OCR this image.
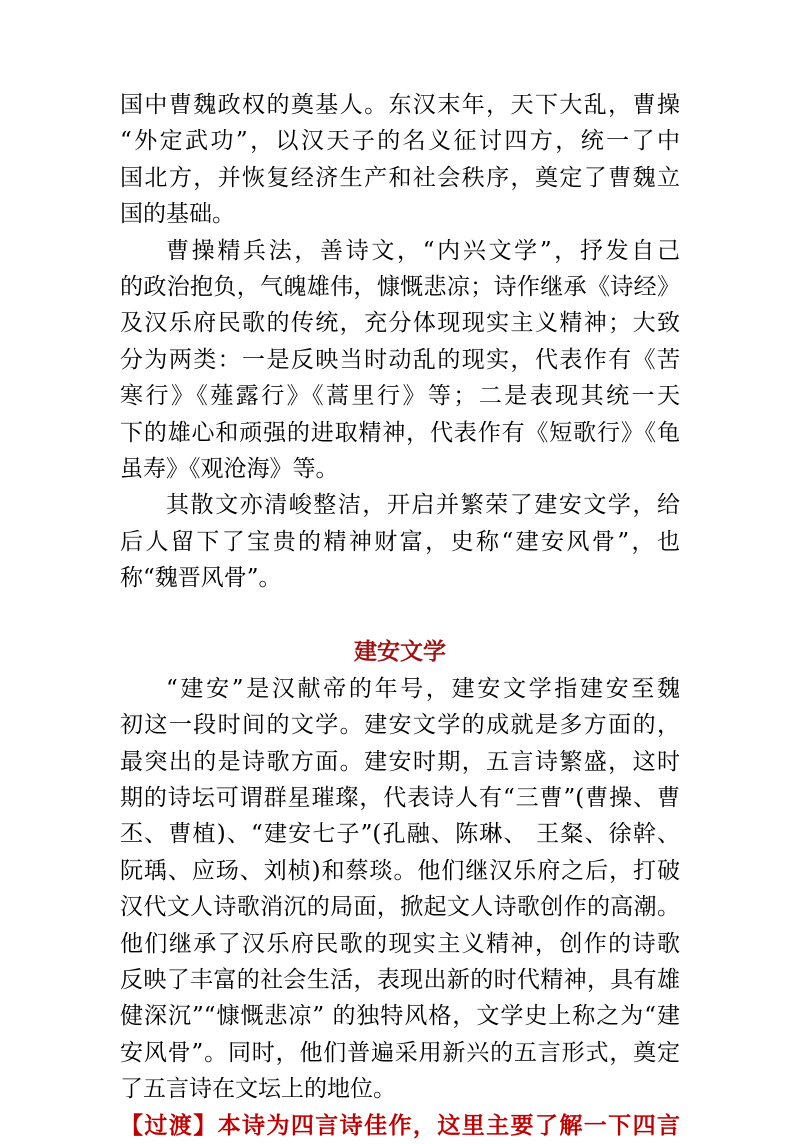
国中曹魏政权的奠基人。东汉末年，天下大乱，曹操
“外定武功”，以汉天子的名义征讨四方，统一了中
国北方，并恢复经济生产和社会秩序，奠定了曹魏立
国的基础。
曹操精兵法，善诗文，“内兴文学”，抒发自己
的政治抱负，气魄雄伟，慷慨悲凉；诗作继承《诗经》
及汉乐府民歌的传统，充分体现现实主义精神；大致
分为两类：一是反映当时动乱的现实，代表作有《苦
寒行》《薤露行》《蒿里行》等；二是表现其统一天
下的雄心和顽强的进取精神，代表作有《短歌行》《龟
虽寿》《观沧海》等。
其散文亦清峻整洁，开启并繁荣了建安文学，给
后人留下了宝贵的精神财富，史称“建安风骨”，也
称“魏晋风骨”。
建安文学
“建安”是汉献帝的年号，建安文学指建安至魏
初这一段时间的文学。建安文学的成就是多方面的，
最突出的是诗歌方面。建安时期，五言诗繁盛，这时
期的诗坛可谓群星璀璨，代表诗人有“三曹”(曹操、曹
丕、曹植)、“建安七子”(孔融、陈琳、 王粲、徐幹、
阮瑀、应玚、刘桢)和蔡琰。他们继汉乐府之后，打破
汉代文人诗歌消沉的局面，掀起文人诗歌创作的高潮。
他们继承了汉乐府民歌的现实主义精神，创作的诗歌
反映了丰富的社会生活，表现出新的时代精神，具有雄
健深沉”“慷慨悲凉” 的独特风格，文学史上称之为“建
安风骨”。同时，他们普遍采用新兴的五言形式，奠定
了五言诗在文坛上的地位。
【过渡】本诗为四言诗佳作，这里主要了解一下四言
